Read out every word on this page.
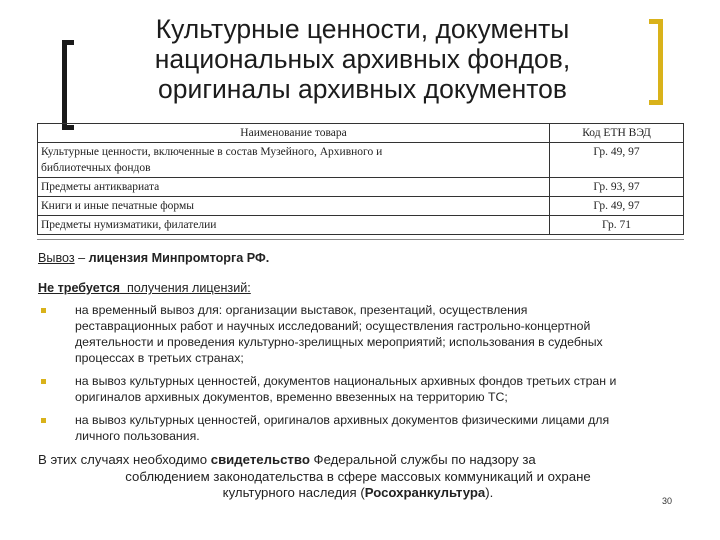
Культурные ценности, документы
национальных архивных фондов,
оригиналы архивных документов
Наименование товара	Код ЕТН ВЭД

Культурные ценности, включенные в состав Музейного, Архивного и
библиотечных фондов	Гр. 49, 97
Предметы антиквариата	Гр. 93, 97
Книги и иные печатные формы	Гр. 49, 97
Предметы нумизматики, филателии	Гр. 71
Вывоз – лицензия Минпромторга РФ.
Не требуется  получения лицензий:
на временный вывоз для: организации выставок, презентаций, осуществления
реставрационных работ и научных исследований; осуществления гастрольно-концертной
деятельности и проведения культурно-зрелищных мероприятий; использования в судебных
процессах в третьих странах;
на вывоз культурных ценностей, документов национальных архивных фондов третьих стран и
оригиналов архивных документов, временно ввезенных на территорию ТС;
на вывоз культурных ценностей, оригиналов архивных документов физическими лицами для
личного пользования.
В этих случаях необходимо свидетельство Федеральной службы по надзору за
соблюдением законодательства в сфере массовых коммуникаций и охране
культурного наследия (Росохранкультура).
30
